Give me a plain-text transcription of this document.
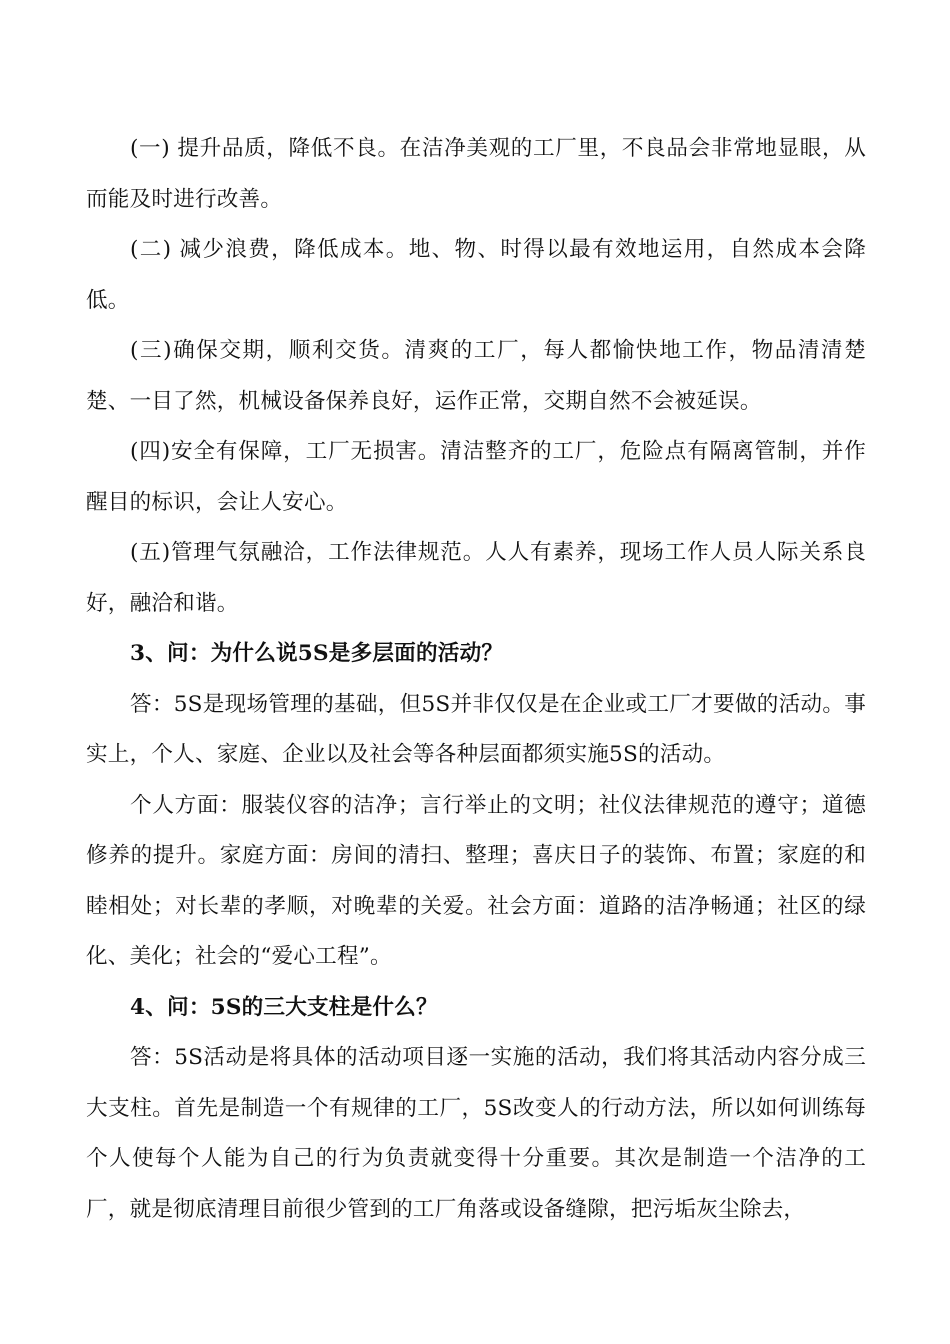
(一) 提升品质，降低不良。在洁净美观的工厂里，不良品会非常地显眼，从而能及时进行改善。

(二) 减少浪费，降低成本。地、物、时得以最有效地运用，自然成本会降低。

(三)确保交期，顺利交货。清爽的工厂，每人都愉快地工作，物品清清楚楚、一目了然，机械设备保养良好，运作正常，交期自然不会被延误。

(四)安全有保障，工厂无损害。清洁整齐的工厂，危险点有隔离管制，并作醒目的标识，会让人安心。

(五)管理气氛融洽，工作法律规范。人人有素养，现场工作人员人际关系良好，融洽和谐。

3、问：为什么说5S是多层面的活动？

答：5S是现场管理的基础，但5S并非仅仅是在企业或工厂才要做的活动。事实上，个人、家庭、企业以及社会等各种层面都须实施5S的活动。

个人方面：服装仪容的洁净；言行举止的文明；社仪法律规范的遵守；道德修养的提升。家庭方面：房间的清扫、整理；喜庆日子的装饰、布置；家庭的和睦相处；对长辈的孝顺，对晚辈的关爱。社会方面：道路的洁净畅通；社区的绿化、美化；社会的“爱心工程”。

4、问：5S的三大支柱是什么？

答：5S活动是将具体的活动项目逐一实施的活动，我们将其活动内容分成三大支柱。首先是制造一个有规律的工厂，5S改变人的行动方法，所以如何训练每个人使每个人能为自己的行为负责就变得十分重要。其次是制造一个洁净的工厂，就是彻底清理目前很少管到的工厂角落或设备缝隙，把污垢灰尘除去，
